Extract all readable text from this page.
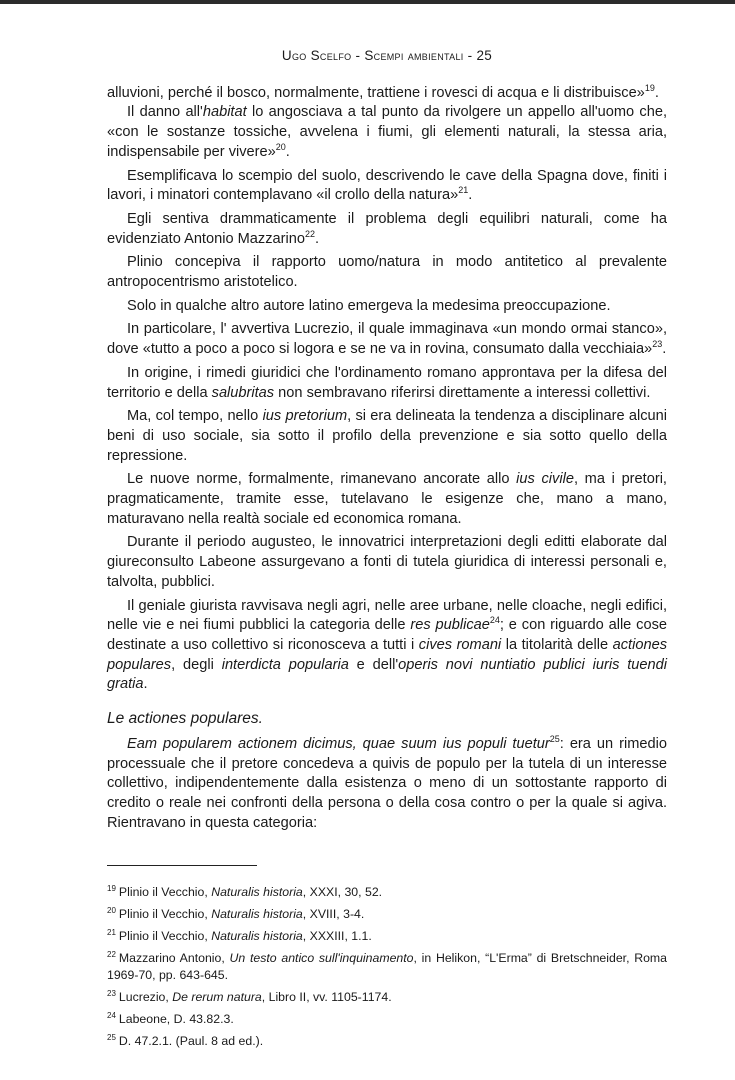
Ugo Scelfo - Scempi ambientali - 25

alluvioni, perché il bosco, normalmente, trattiene i rovesci di acqua e li distribuisce»$^{19}$.

Il danno all'habitat lo angosciava a tal punto da rivolgere un appello all'uomo che, «con le sostanze tossiche, avvelena i fiumi, gli elementi naturali, la stessa aria, indispensabile per vivere»$^{20}$.

Esemplificava lo scempio del suolo, descrivendo le cave della Spagna dove, finiti i lavori, i minatori contemplavano «il crollo della natura»$^{21}$.

Egli sentiva drammaticamente il problema degli equilibri naturali, come ha evidenziato Antonio Mazzarino$^{22}$.

Plinio concepiva il rapporto uomo/natura in modo antitetico al prevalente antropocentrismo aristotelico.

Solo in qualche altro autore latino emergeva la medesima preoccupazione.

In particolare, l' avvertiva Lucrezio, il quale immaginava «un mondo ormai stanco», dove «tutto a poco a poco si logora e se ne va in rovina, consumato dalla vecchiaia»$^{23}$.

In origine, i rimedi giuridici che l'ordinamento romano approntava per la difesa del territorio e della salubritas non sembravano riferirsi direttamente a interessi collettivi.

Ma, col tempo, nello ius pretorium, si era delineata la tendenza a disciplinare alcuni beni di uso sociale, sia sotto il profilo della prevenzione e sia sotto quello della repressione.

Le nuove norme, formalmente, rimanevano ancorate allo ius civile, ma i pretori, pragmaticamente, tramite esse, tutelavano le esigenze che, mano a mano, maturavano nella realtà sociale ed economica romana.

Durante il periodo augusteo, le innovatrici interpretazioni degli editti elaborate dal giureconsulto Labeone assurgevano a fonti di tutela giuridica di interessi personali e, talvolta, pubblici.

Il geniale giurista ravvisava negli agri, nelle aree urbane, nelle cloache, negli edifici, nelle vie e nei fiumi pubblici la categoria delle res publicae$^{24}$; e con riguardo alle cose destinate a uso collettivo si riconosceva a tutti i cives romani la titolarità delle actiones populares, degli interdicta popularia e dell'operis novi nuntiatio publici iuris tuendi gratia.

Le actiones populares.

Eam popularem actionem dicimus, quae suum ius populi tuetur$^{25}$: era un rimedio processuale che il pretore concedeva a quivis de populo per la tutela di un interesse collettivo, indipendentemente dalla esistenza o meno di un sottostante rapporto di credito o reale nei confronti della persona o della cosa contro o per la quale si agiva. Rientravano in questa categoria:

$^{19}$ Plinio il Vecchio, Naturalis historia, XXXI, 30, 52.

$^{20}$ Plinio il Vecchio, Naturalis historia, XVIII, 3-4.

$^{21}$ Plinio il Vecchio, Naturalis historia, XXXIII, 1.1.

$^{22}$ Mazzarino Antonio, Un testo antico sull'inquinamento, in Helikon, “L'Erma” di Bretschneider, Roma 1969-70, pp. 643-645.

$^{23}$ Lucrezio, De rerum natura, Libro II, vv. 1105-1174.

$^{24}$ Labeone, D. 43.82.3.

$^{25}$ D. 47.2.1. (Paul. 8 ad ed.).
